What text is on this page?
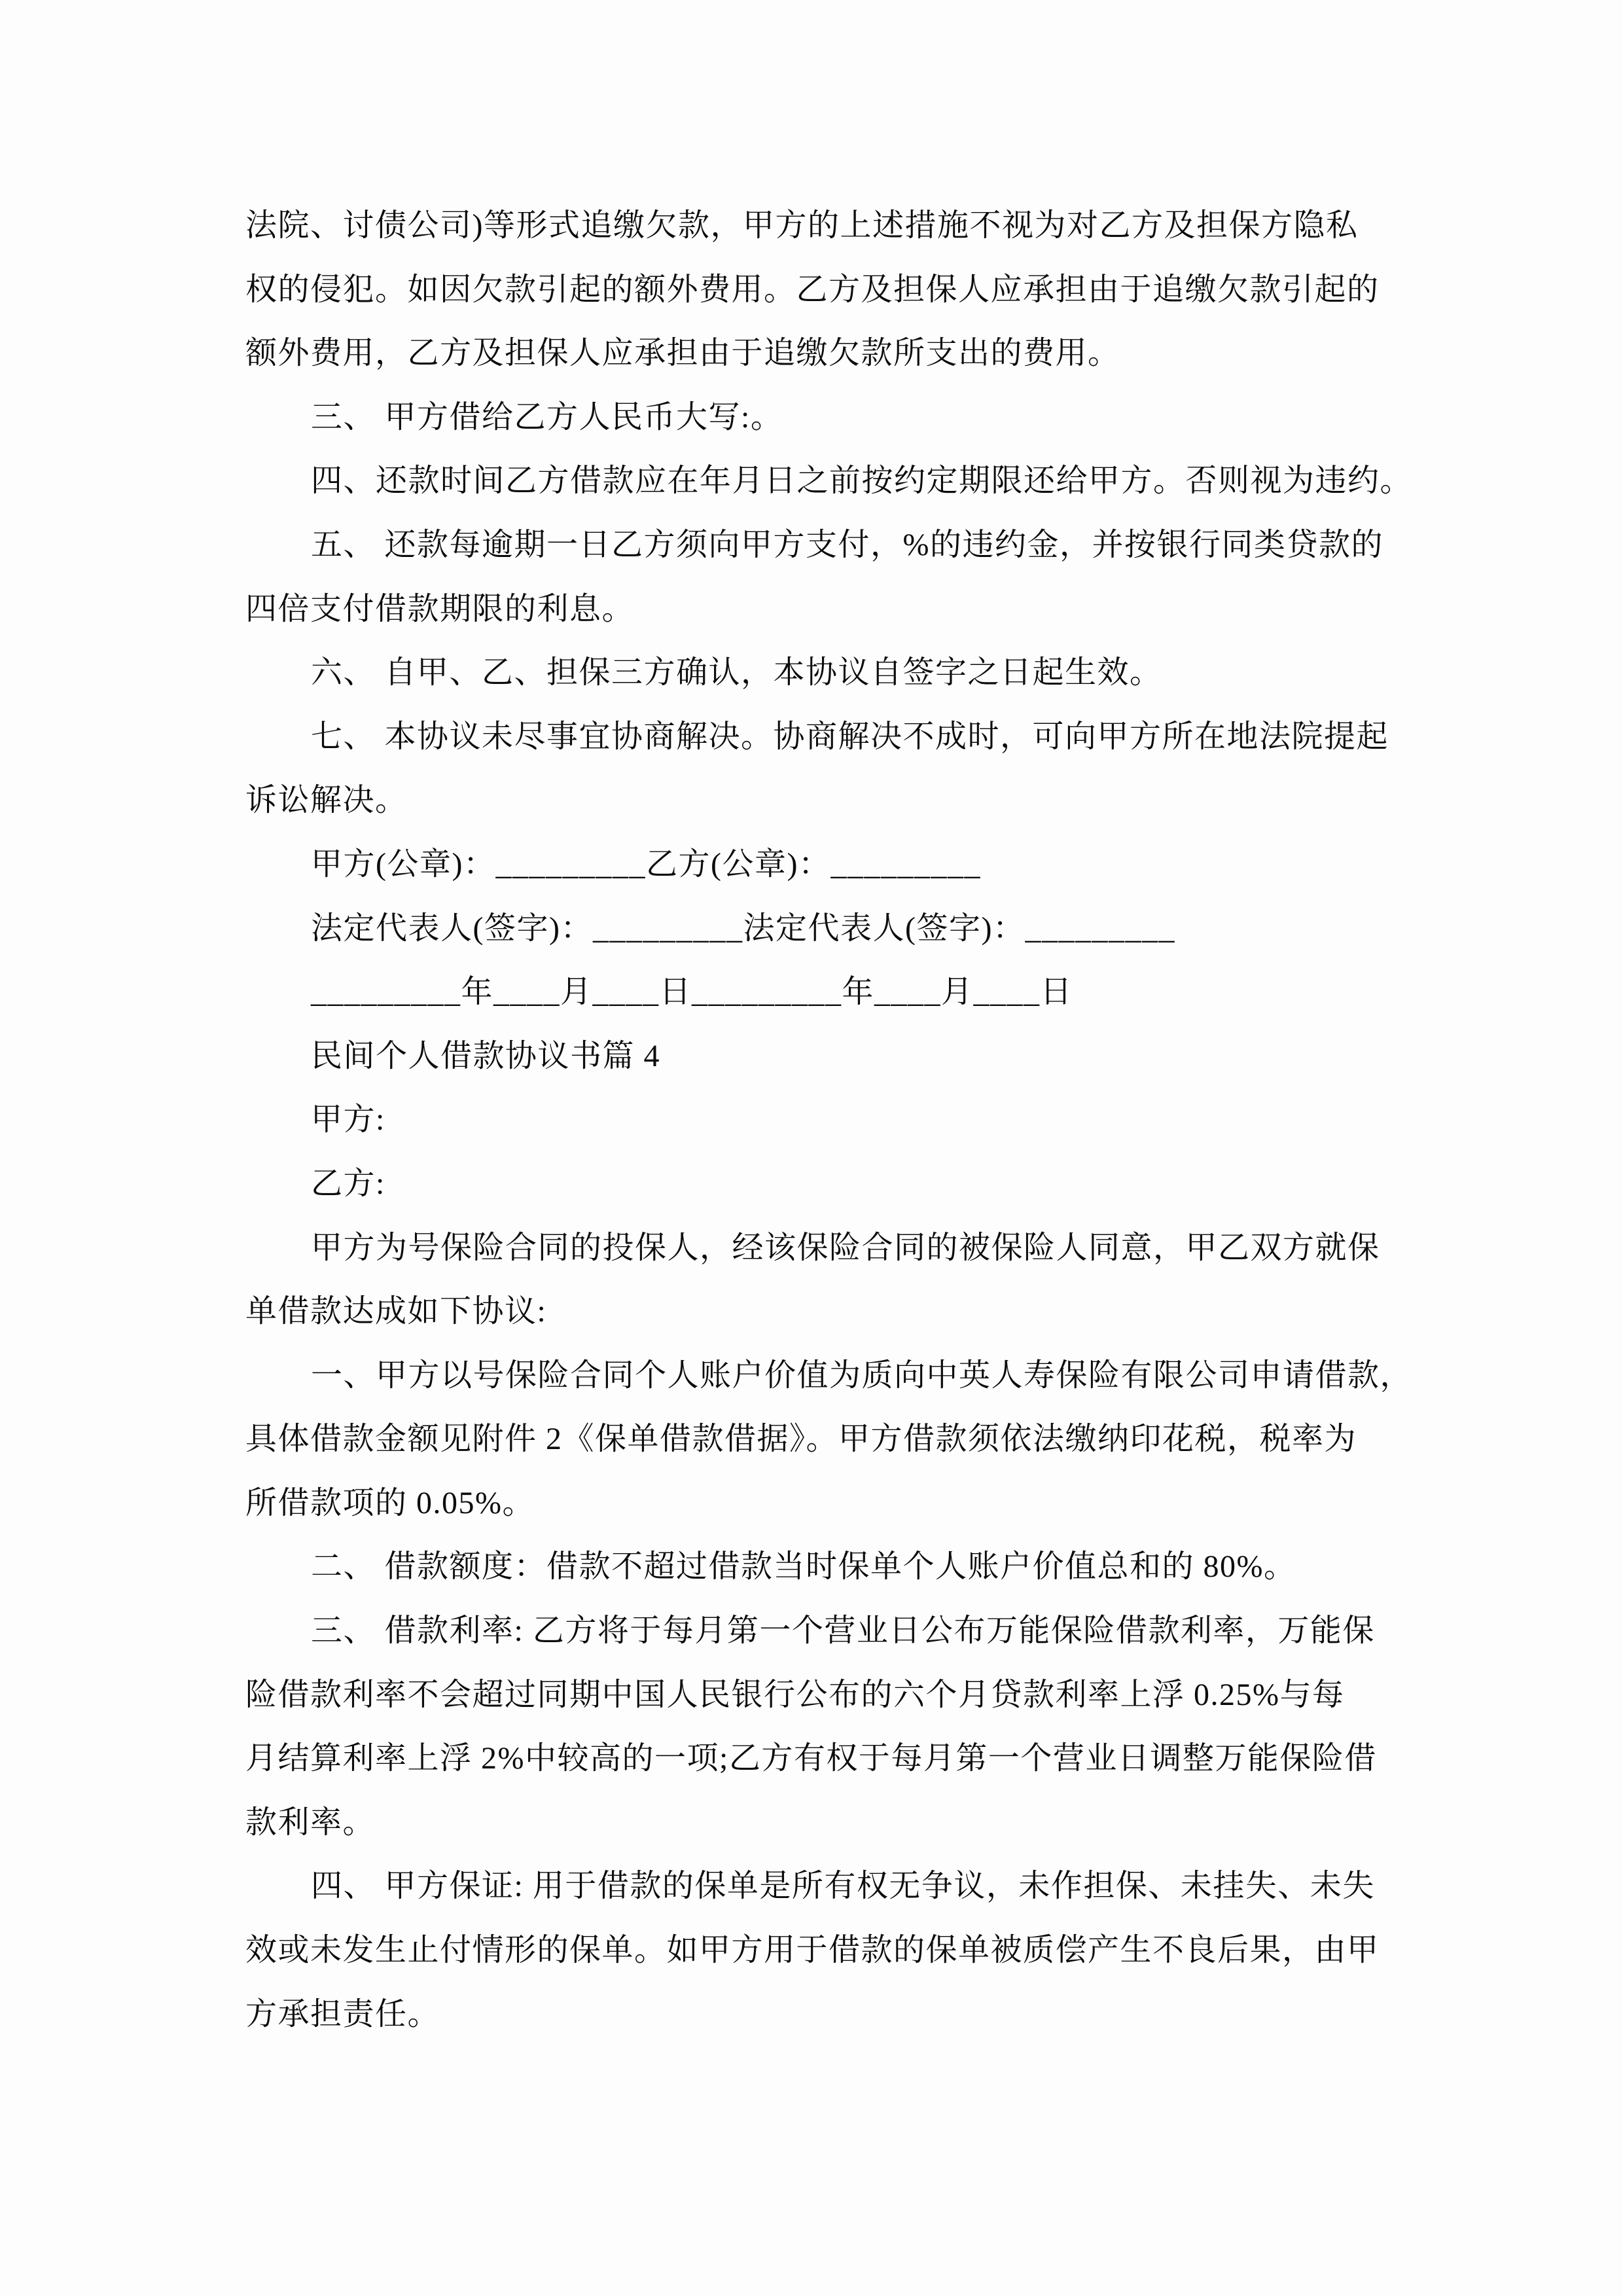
法院、讨债公司)等形式追缴欠款，甲方的上述措施不视为对乙方及担保方隐私
权的侵犯。如因欠款引起的额外费用。乙方及担保人应承担由于追缴欠款引起的
额外费用，乙方及担保人应承担由于追缴欠款所支出的费用。
三、 甲方借给乙方人民币大写:。
四、还款时间乙方借款应在年月日之前按约定期限还给甲方。否则视为违约。
五、 还款每逾期一日乙方须向甲方支付，%的违约金，并按银行同类贷款的
四倍支付借款期限的利息。
六、 自甲、乙、担保三方确认，本协议自签字之日起生效。
七、 本协议未尽事宜协商解决。协商解决不成时，可向甲方所在地法院提起
诉讼解决。
甲方(公章)：_________乙方(公章)：_________
法定代表人(签字)：_________法定代表人(签字)：_________
_________年____月____日_________年____月____日
民间个人借款协议书篇 4
甲方:
乙方:
甲方为号保险合同的投保人，经该保险合同的被保险人同意，甲乙双方就保
单借款达成如下协议:
一、甲方以号保险合同个人账户价值为质向中英人寿保险有限公司申请借款，
具体借款金额见附件 2《保单借款借据》。甲方借款须依法缴纳印花税，税率为
所借款项的 0.05%。
二、 借款额度：借款不超过借款当时保单个人账户价值总和的 80%。
三、 借款利率: 乙方将于每月第一个营业日公布万能保险借款利率，万能保
险借款利率不会超过同期中国人民银行公布的六个月贷款利率上浮 0.25%与每
月结算利率上浮 2%中较高的一项;乙方有权于每月第一个营业日调整万能保险借
款利率。
四、 甲方保证: 用于借款的保单是所有权无争议，未作担保、未挂失、未失
效或未发生止付情形的保单。如甲方用于借款的保单被质偿产生不良后果，由甲
方承担责任。
